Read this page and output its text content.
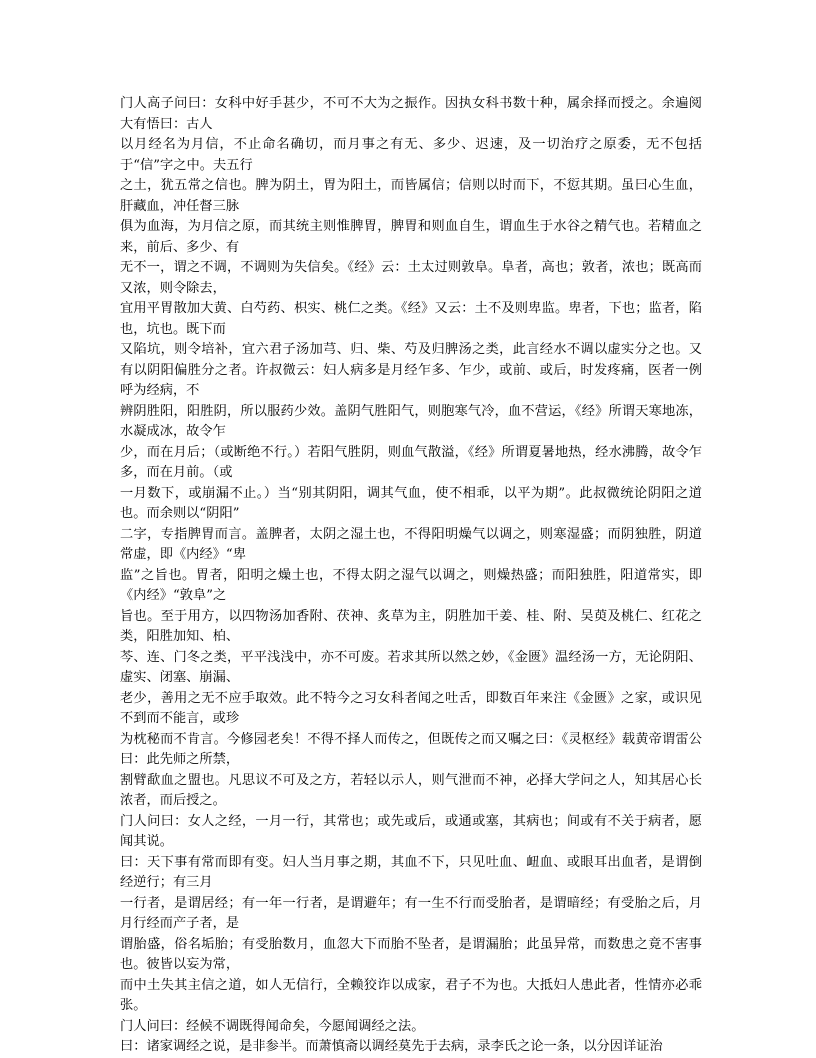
门人高子问曰：女科中好手甚少，不可不大为之振作。因执女科书数十种，属余择而授之。余遍阅大有悟曰：古人

以月经名为月信，不止命名确切，而月事之有无、多少、迟速，及一切治疗之原委，无不包括于“信”字之中。夫五行

之土，犹五常之信也。脾为阴土，胃为阳土，而皆属信；信则以时而下，不愆其期。虽曰心生血，肝藏血，冲任督三脉

俱为血海，为月信之原，而其统主则惟脾胃，脾胃和则血自生，谓血生于水谷之精气也。若精血之来，前后、多少、有

无不一，谓之不调，不调则为失信矣。《经》云：土太过则敦阜。阜者，高也；敦者，浓也；既高而又浓，则令除去，

宜用平胃散加大黄、白芍药、枳实、桃仁之类。《经》又云：土不及则卑监。卑者，下也；监者，陷也，坑也。既下而

又陷坑，则令培补，宜六君子汤加芎、归、柴、芍及归脾汤之类，此言经水不调以虚实分之也。又有以阴阳偏胜分之者。许叔微云：妇人病多是月经乍多、乍少，或前、或后，时发疼痛，医者一例呼为经病，不

辨阴胜阳，阳胜阴，所以服药少效。盖阴气胜阳气，则胞寒气冷，血不营运，《经》所谓天寒地冻，水凝成冰，故令乍

少，而在月后；（或断绝不行。）若阳气胜阴，则血气散溢，《经》所谓夏暑地热，经水沸腾，故令乍多，而在月前。（或

一月数下，或崩漏不止。）当“别其阴阳，调其气血，使不相乖，以平为期”。此叔微统论阴阳之道也。而余则以“阴阳”

二字，专指脾胃而言。盖脾者，太阴之湿土也，不得阳明燥气以调之，则寒湿盛；而阴独胜，阴道常虚，即《内经》“卑

监”之旨也。胃者，阳明之燥土也，不得太阴之湿气以调之，则燥热盛；而阳独胜，阳道常实，即《内经》“敦阜”之

旨也。至于用方，以四物汤加香附、茯神、炙草为主，阴胜加干姜、桂、附、吴萸及桃仁、红花之类，阳胜加知、柏、

芩、连、门冬之类，平平浅浅中，亦不可废。若求其所以然之妙，《金匮》温经汤一方，无论阴阳、虚实、闭塞、崩漏、

老少，善用之无不应手取效。此不特今之习女科者闻之吐舌，即数百年来注《金匮》之家，或识见不到而不能言，或珍

为枕秘而不肯言。今修园老矣！不得不择人而传之，但既传之而又嘱之曰：《灵枢经》载黄帝谓雷公曰：此先师之所禁，

割臂歃血之盟也。凡思议不可及之方，若轻以示人，则气泄而不神，必择大学问之人，知其居心长浓者，而后授之。

门人问曰：女人之经，一月一行，其常也；或先或后，或通或塞，其病也；间或有不关于病者，愿闻其说。

曰：天下事有常而即有变。妇人当月事之期，其血不下，只见吐血、衄血、或眼耳出血者，是谓倒经逆行；有三月

一行者，是谓居经；有一年一行者，是谓避年；有一生不行而受胎者，是谓暗经；有受胎之后，月月行经而产子者，是

谓胎盛，俗名垢胎；有受胎数月，血忽大下而胎不坠者，是谓漏胎；此虽异常，而数患之竟不害事也。彼皆以妄为常，

而中土失其主信之道，如人无信行，全赖狡诈以成家，君子不为也。大抵妇人患此者，性情亦必乖张。

门人问曰：经候不调既得闻命矣，今愿闻调经之法。

曰：诸家调经之说，是非参半。而萧慎斋以调经莫先于去病，录李氏之论一条，以分因详证治
